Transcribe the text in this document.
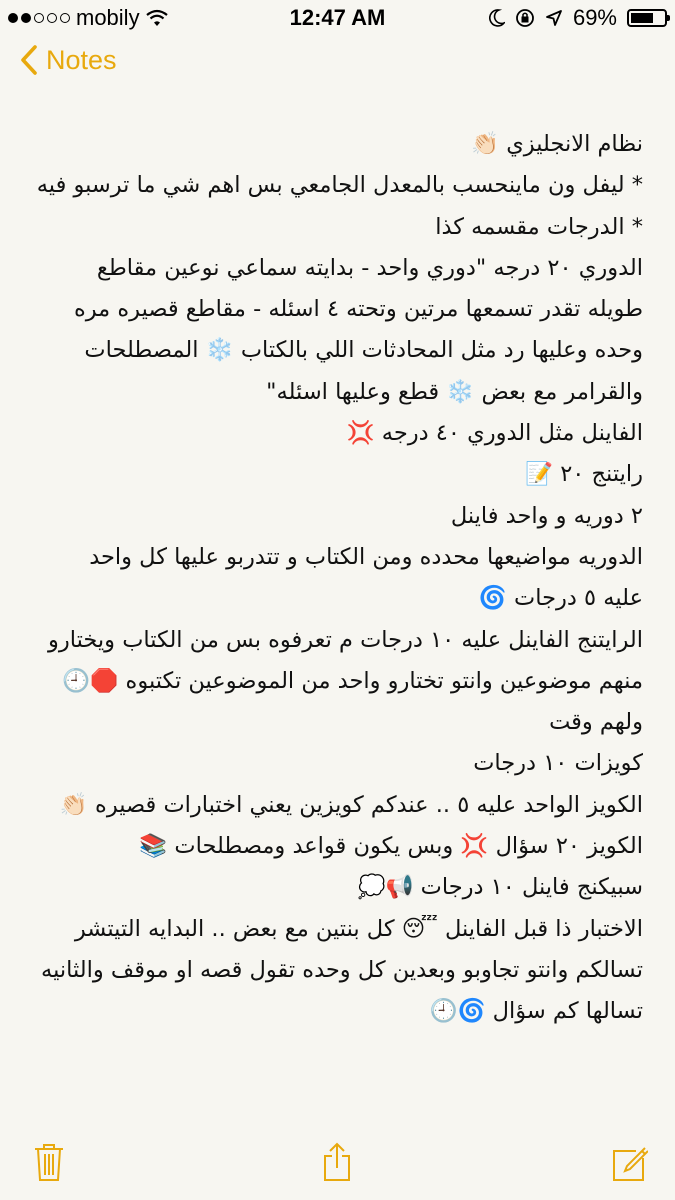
mobily	12:47 AM	69%
Notes
نظام الانجليزي 👏🏻
* ليفل ون ماينحسب بالمعدل الجامعي بس اهم شي ما ترسبو فيه
* الدرجات مقسمه كذا
الدوري ٢٠ درجه "دوري واحد - بدايته سماعي نوعين مقاطع
طويله تقدر تسمعها مرتين وتحته ٤ اسئله - مقاطع قصيره مره
وحده وعليها رد مثل المحادثات اللي بالكتاب ❄️ المصطلحات
والقرامر مع بعض ❄️ قطع وعليها اسئله"
الفاينل مثل الدوري ٤٠ درجه 💢
رايتنج ٢٠ 📝
٢ دوريه و واحد فاينل
الدوريه مواضيعها محدده ومن الكتاب و تتدربو عليها كل واحد
عليه ٥ درجات 🌀
الرايتنج الفاينل عليه ١٠ درجات م تعرفوه بس من الكتاب ويختارو
منهم موضوعين وانتو تختارو واحد من الموضوعين تكتبوه 🛑🕘
ولهم وقت
كويزات ١٠ درجات
الكويز الواحد عليه ٥ .. عندكم كويزين يعني اختبارات قصيره 👏🏻
الكويز ٢٠ سؤال 💢 وبس يكون قواعد ومصطلحات 📚
سبيكنج فاينل ١٠ درجات 📢💭
الاختبار ذا قبل الفاينل 😴 كل بنتين مع بعض .. البدايه التيتشر
تسالكم وانتو تجاوبو وبعدين كل وحده تقول قصه او موقف والثانيه
تسالها كم سؤال 🌀🕘
